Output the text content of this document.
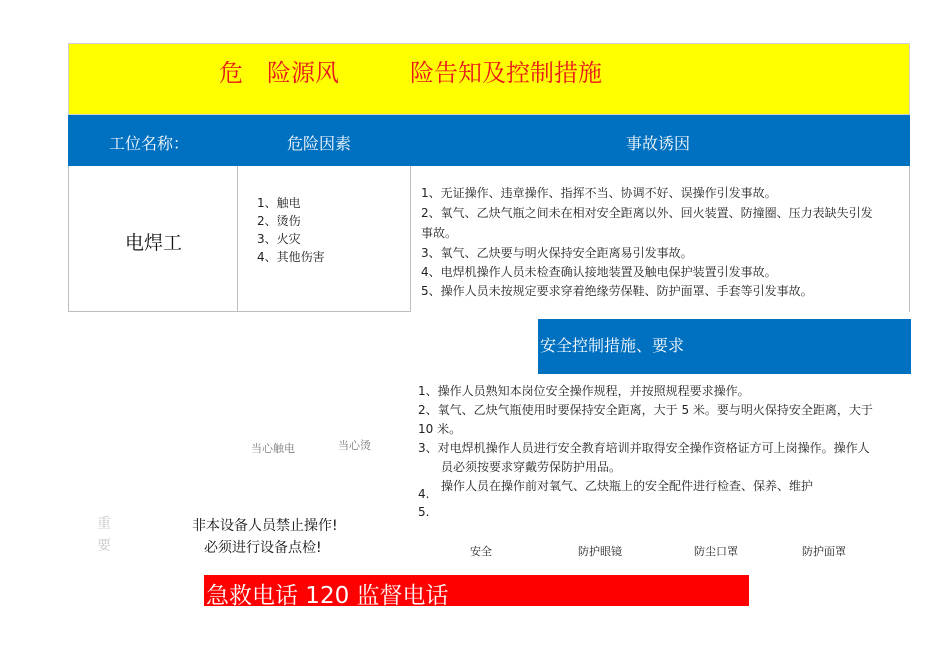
危 险源风	险告知及控制措施
工位名称：	危险因素	事故诱因
电焊工
1、触电
2、烫伤
3、火灾
4、其他伤害
1、无证操作、违章操作、指挥不当、协调不好、误操作引发事故。
2、氧气、乙炔气瓶之间未在相对安全距离以外、回火装置、防撞圈、压力表缺失引发
事故。
3、氧气、乙炔要与明火保持安全距离易引发事故。
4、电焊机操作人员未检查确认接地装置及触电保护装置引发事故。
5、操作人员未按规定要求穿着绝缘劳保鞋、防护面罩、手套等引发事故。
安全控制措施、要求
1、操作人员熟知本岗位安全操作规程，并按照规程要求操作。
2、氧气、乙炔气瓶使用时要保持安全距离，大于 5 米。要与明火保持安全距离，大于
10 米。
3、对电焊机操作人员进行安全教育培训并取得安全操作资格证方可上岗操作。操作人
员必须按要求穿戴劳保防护用品。
操作人员在操作前对氧气、乙炔瓶上的安全配件进行检查、保养、维护
4.
5.
当心触电	当心烫
重要
非本设备人员禁止操作!
必须进行设备点检!	安全	防护眼镜	防尘口罩	防护面罩
急救电话 120 监督电话
